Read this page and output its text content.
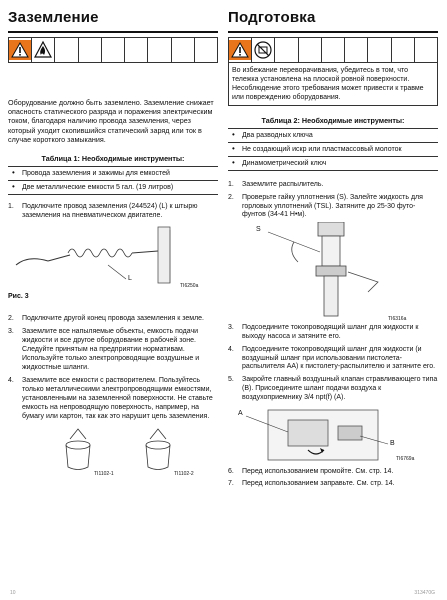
Заземление

Оборудование должно быть заземлено. Заземление снижает опасность статического разряда и поражения электрическим током, благодаря наличию провода заземления, через который уходит скопившийся статический заряд или ток в случае короткого замыкания.

Таблица 1: Необходимые инструменты:
• Провода заземления и зажимы для емкостей
• Две металлические емкости 5 гал. (19 литров)
1. Подключите провод заземления (244524) (L) к штырю заземления на пневматическом двигателе.
L
TI6250a
Рис. 3
2. Подключите другой конец провода заземления к земле.
3. Заземлите все напыляемые объекты, емкость подачи жидкости и все другое оборудование в рабочей зоне. Следуйте принятым на предприятии нормативам. Используйте только электропроводящие воздушные и жидкостные шланги.
4. Заземлите все емкости с растворителем. Пользуйтесь только металлическими электропроводящими емкостями, установленными на заземленной поверхности. Не ставьте емкость на непроводящую поверхность, например, на бумагу или картон, так как это нарушит цепь заземления.
TI1102-1	TI1102-2
Подготовка
Во избежание переворачивания, убедитесь в том, что тележка установлена на плоской ровной поверхности. Несоблюдение этого требования может привести к травме или повреждению оборудования.
Таблица 2: Необходимые инструменты:
• Два разводных ключа
• Не создающий искр или пластмассовый молоток
• Динамометрический ключ
1. Заземлите распылитель.
2. Проверьте гайку уплотнения (S). Залейте жидкость для горловых уплотнений (TSL). Затяните до 25-30 футо-фунтов (34-41 Н•м).
S
TI6316a
3. Подсоедините токопроводящий шланг для жидкости к выходу насоса и затяните его.
4. Подсоедините токопроводящий шланг для жидкости (и воздушный шланг при использовании пистолета-распылителя AA) к пистолету-распылителю и затяните его.
5. Закройте главный воздушный клапан стравливающего типа (B). Присоедините шланг подачи воздуха к воздухоприемнику 3/4 npt(f) (A).
A
B
TI6769a
6. Перед использованием промойте. См. стр. 14.
7. Перед использованием заправьте. См. стр. 14.
10	313470G
